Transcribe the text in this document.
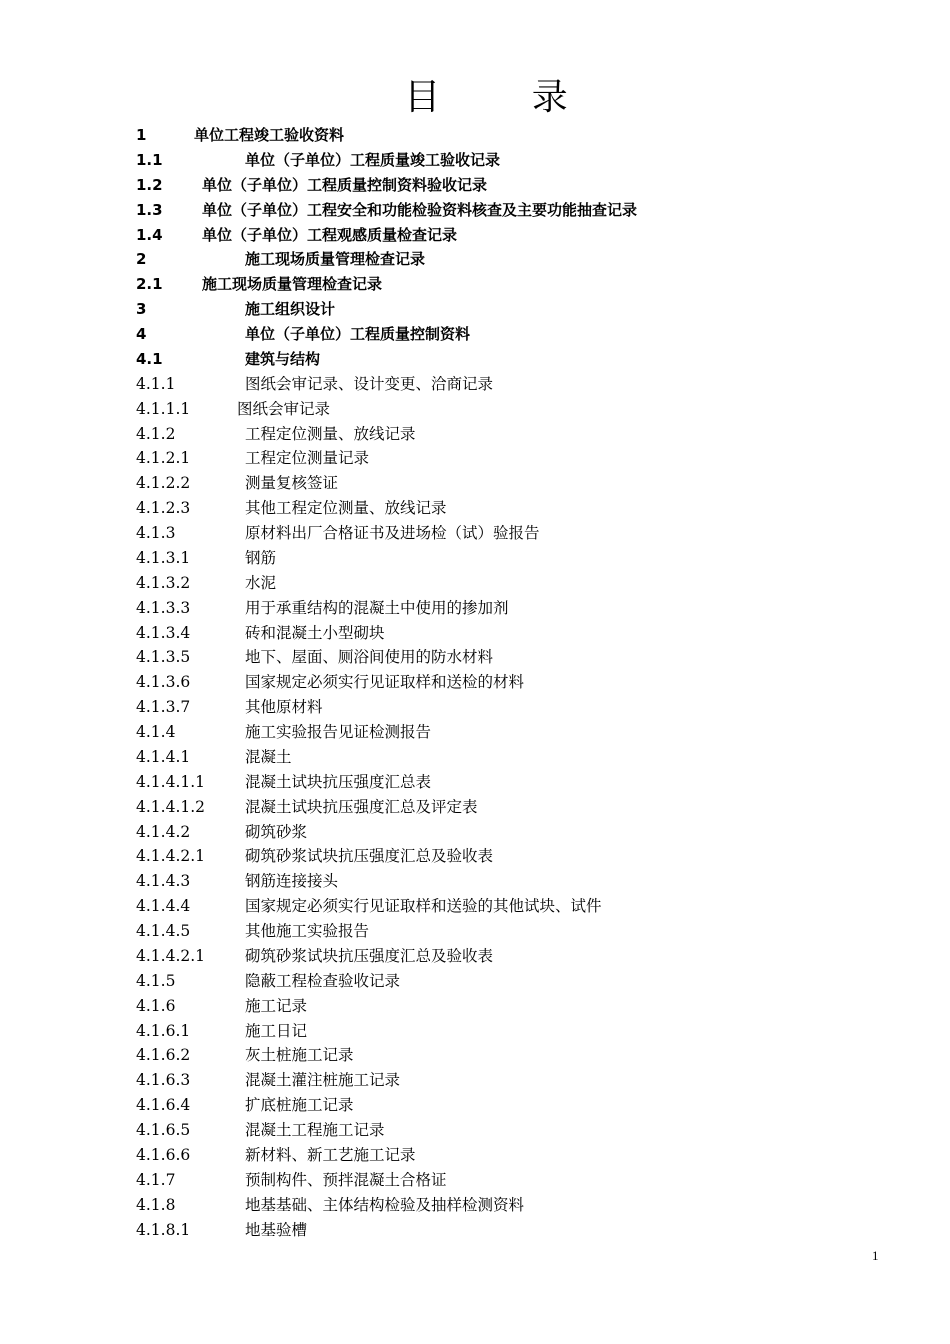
目 录
1	单位工程竣工验收资料
1.1	单位（子单位）工程质量竣工验收记录
1.2	单位（子单位）工程质量控制资料验收记录
1.3	单位（子单位）工程安全和功能检验资料核查及主要功能抽查记录
1.4	单位（子单位）工程观感质量检查记录
2	施工现场质量管理检查记录
2.1	施工现场质量管理检查记录
3	施工组织设计
4	单位（子单位）工程质量控制资料
4.1	建筑与结构
4.1.1	图纸会审记录、设计变更、洽商记录
4.1.1.1	图纸会审记录
4.1.2	工程定位测量、放线记录
4.1.2.1	工程定位测量记录
4.1.2.2	测量复核签证
4.1.2.3	其他工程定位测量、放线记录
4.1.3	原材料出厂合格证书及进场检（试）验报告
4.1.3.1	钢筋
4.1.3.2	水泥
4.1.3.3	用于承重结构的混凝土中使用的掺加剂
4.1.3.4	砖和混凝土小型砌块
4.1.3.5	地下、屋面、厕浴间使用的防水材料
4.1.3.6	国家规定必须实行见证取样和送检的材料
4.1.3.7	其他原材料
4.1.4	施工实验报告见证检测报告
4.1.4.1	混凝土
4.1.4.1.1	混凝土试块抗压强度汇总表
4.1.4.1.2	混凝土试块抗压强度汇总及评定表
4.1.4.2	砌筑砂浆
4.1.4.2.1	砌筑砂浆试块抗压强度汇总及验收表
4.1.4.3	钢筋连接接头
4.1.4.4	国家规定必须实行见证取样和送验的其他试块、试件
4.1.4.5	其他施工实验报告
4.1.4.2.1	砌筑砂浆试块抗压强度汇总及验收表
4.1.5	隐蔽工程检查验收记录
4.1.6	施工记录
4.1.6.1	施工日记
4.1.6.2	灰土桩施工记录
4.1.6.3	混凝土灌注桩施工记录
4.1.6.4	扩底桩施工记录
4.1.6.5	混凝土工程施工记录
4.1.6.6	新材料、新工艺施工记录
4.1.7	预制构件、预拌混凝土合格证
4.1.8	地基基础、主体结构检验及抽样检测资料
4.1.8.1	地基验槽
1
